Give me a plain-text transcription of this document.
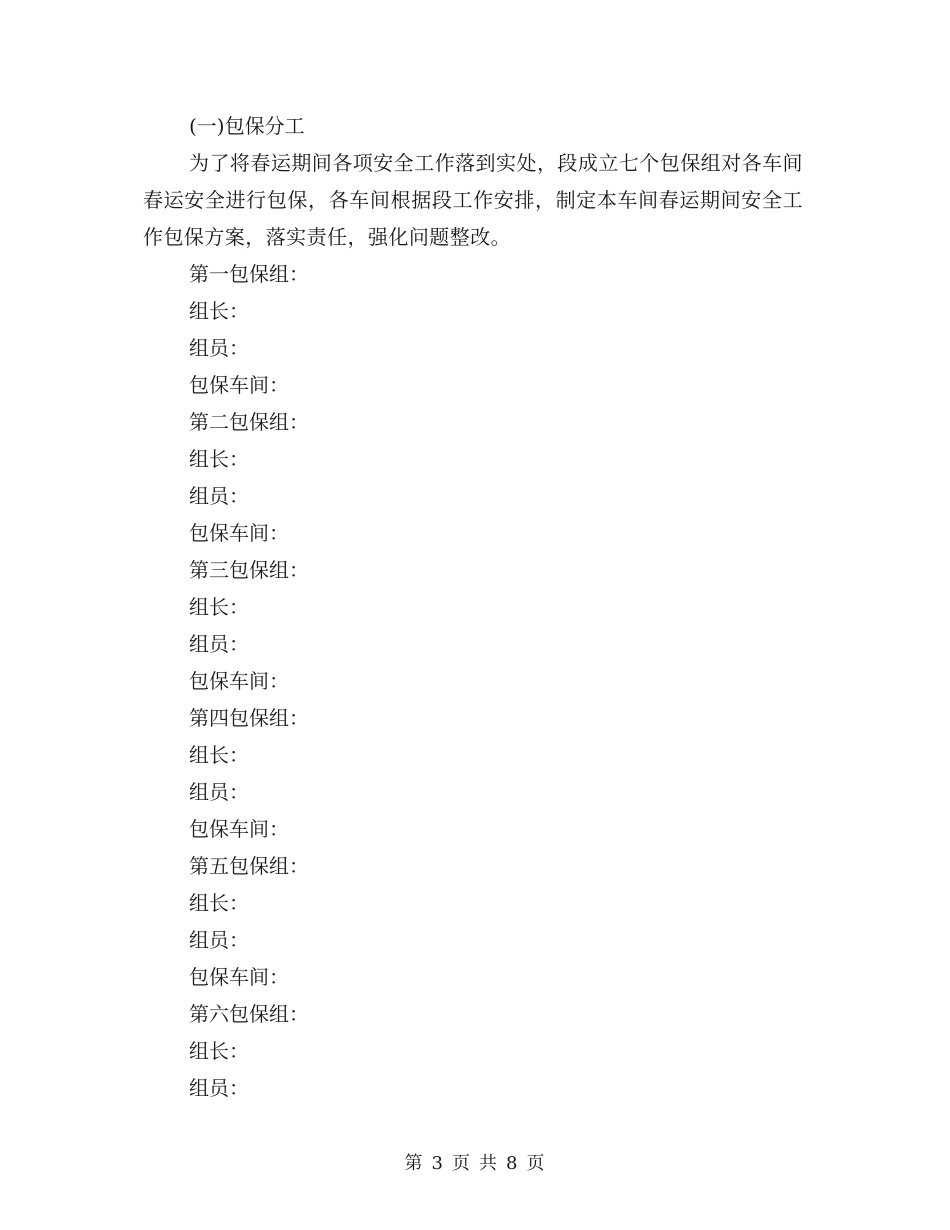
(一)包保分工

为了将春运期间各项安全工作落到实处，段成立七个包保组对各车间春运安全进行包保，各车间根据段工作安排，制定本车间春运期间安全工作包保方案，落实责任，强化问题整改。

第一包保组：
组长：
组员：
包保车间：
第二包保组：
组长：
组员：
包保车间：
第三包保组：
组长：
组员：
包保车间：
第四包保组：
组长：
组员：
包保车间：
第五包保组：
组长：
组员：
包保车间：
第六包保组：
组长：
组员：
第 3 页 共 8 页
